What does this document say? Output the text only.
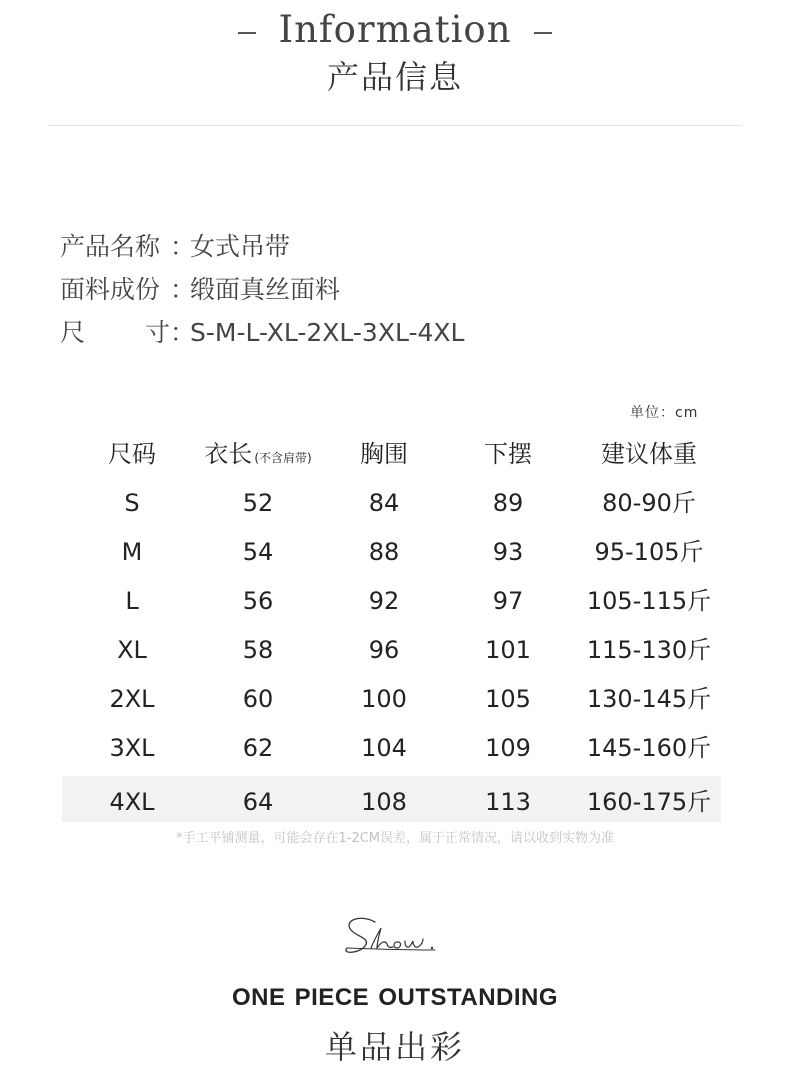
Information
产品信息
产品名称 ：女式吊带
面料成份 ：缎面真丝面料
尺 寸 ：S-M-L-XL-2XL-3XL-4XL
单位：cm
尺码	衣长 (不含肩带)	胸围	下摆	建议体重
S	52	84	89	80-90斤
M	54	88	93	95-105斤
L	56	92	97	105-115斤
XL	58	96	101	115-130斤
2XL	60	100	105	130-145斤
3XL	62	104	109	145-160斤
4XL	64	108	113	160-175斤
*手工平铺测量，可能会存在1-2CM误差，属于正常情况，请以收到实物为准
ONE PIECE OUTSTANDING
单品出彩
